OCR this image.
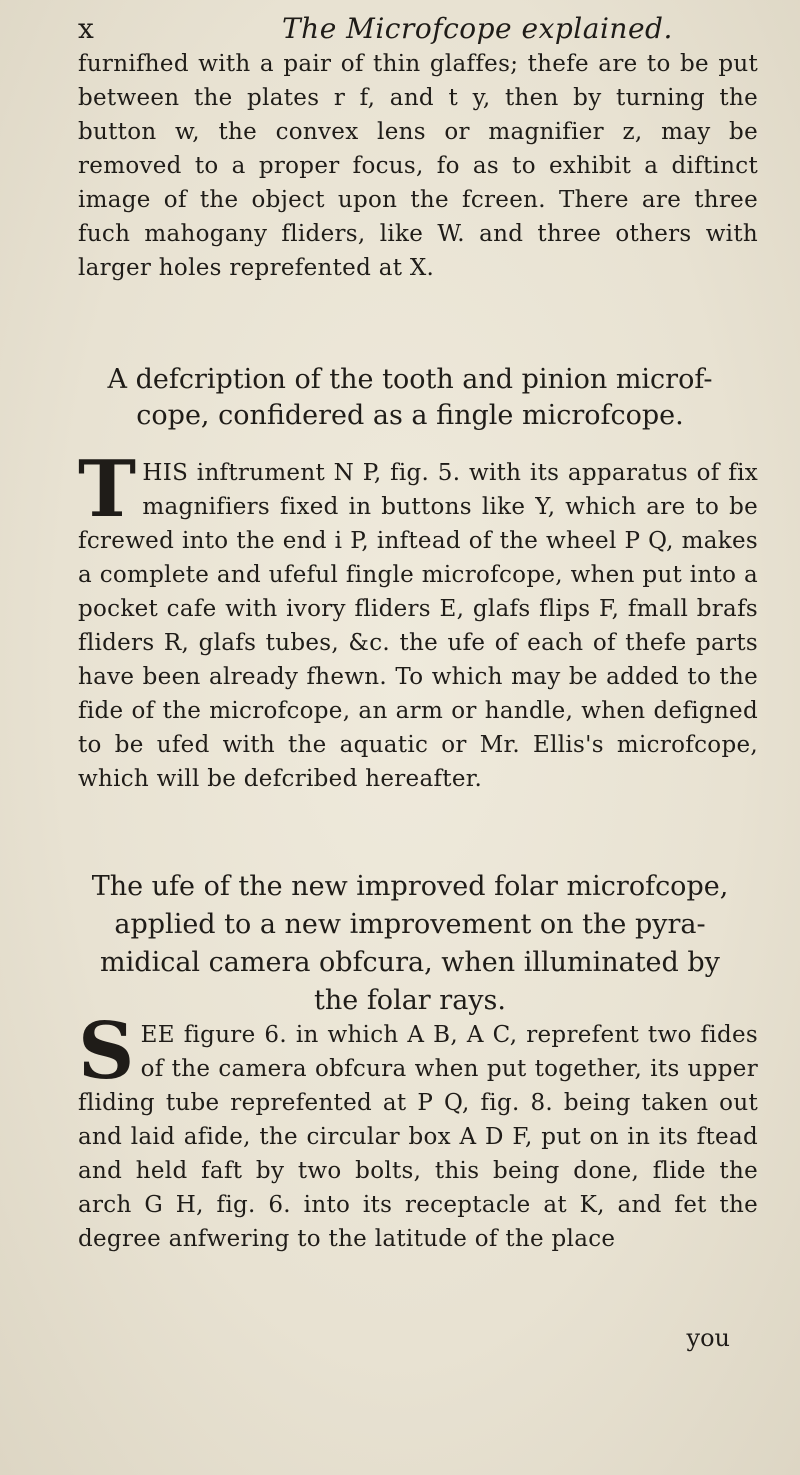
x	The Microfcope explained.
furnifhed with a pair of thin glaffes; thefe are to be put between the plates r f, and t y, then by turning the button w, the convex lens or magnifier z, may be removed to a proper focus, fo as to exhibit a diftinct image of the object upon the fcreen. There are three fuch mahogany fliders, like W. and three others with larger holes reprefented at X.
A defcription of the tooth and pinion microf-
cope, confidered as a fingle microfcope.
THIS inftrument N P, fig. 5. with its apparatus of fix magnifiers fixed in buttons like Y, which are to be fcrewed into the end i P, inftead of the wheel P Q, makes a complete and ufeful fingle microfcope, when put into a pocket cafe with ivory fliders E, glafs flips F, fmall brafs fliders R, glafs tubes, &c. the ufe of each of thefe parts have been already fhewn. To which may be added to the fide of the microfcope, an arm or handle, when defigned to be ufed with the aquatic or Mr. Ellis's microfcope, which will be defcribed hereafter.
The ufe of the new improved folar microfcope,
applied to a new improvement on the pyra-
midical camera obfcura, when illuminated by
the folar rays.
SEE figure 6. in which A B, A C, reprefent two fides of the camera obfcura when put together, its upper fliding tube reprefented at P Q, fig. 8. being taken out and laid afide, the circular box A D F, put on in its ftead and held faft by two bolts, this being done, flide the arch G H, fig. 6. into its receptacle at K, and fet the degree anfwering to the latitude of the place
you
